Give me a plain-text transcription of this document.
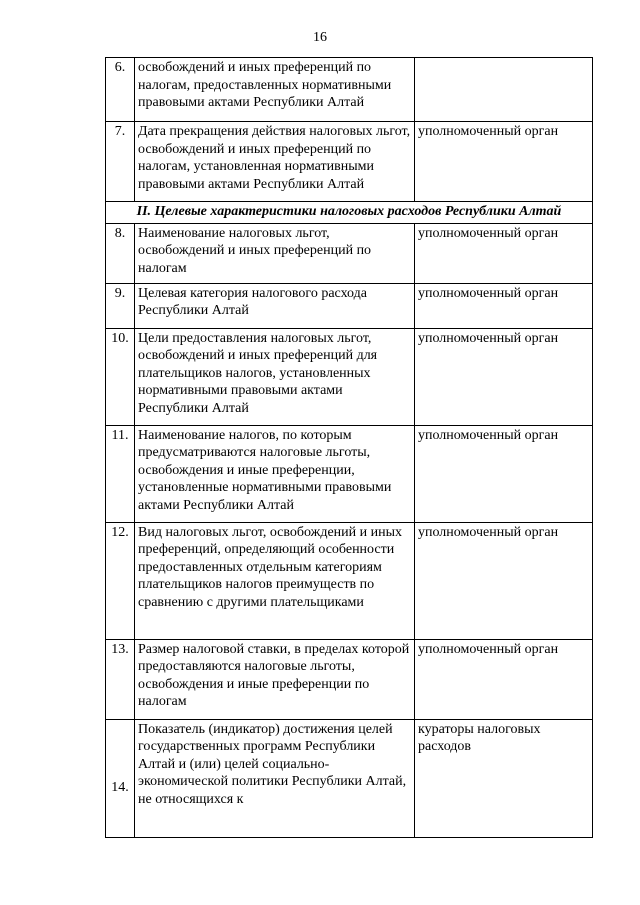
16
6.	освобождений и иных преференций по налогам, предоставленных нормативными правовыми актами Республики Алтай	
7.	Дата прекращения действия налоговых льгот, освобождений и иных преференций по налогам, установленная нормативными правовыми актами Республики Алтай	уполномоченный орган
II. Целевые характеристики налоговых расходов Республики Алтай		
8.	Наименование налоговых льгот, освобождений и иных преференций по налогам	уполномоченный орган
9.	Целевая категория налогового расхода Республики Алтай	уполномоченный орган
10.	Цели предоставления налоговых льгот, освобождений и иных преференций для плательщиков налогов, установленных нормативными правовыми актами Республики Алтай	уполномоченный орган
11.	Наименование налогов, по которым предусматриваются налоговые льготы, освобождения и иные преференции, установленные нормативными правовыми актами Республики Алтай	уполномоченный орган
12.	Вид налоговых льгот, освобождений и иных преференций, определяющий особенности предоставленных отдельным категориям плательщиков налогов преимуществ по сравнению с другими плательщиками	уполномоченный орган
13.	Размер налоговой ставки, в пределах которой предоставляются налоговые льготы, освобождения и иные преференции по налогам	уполномоченный орган
14.	Показатель (индикатор) достижения целей государственных программ Республики Алтай и (или) целей социально-экономической политики Республики Алтай, не относящихся к	кураторы налоговых расходов
